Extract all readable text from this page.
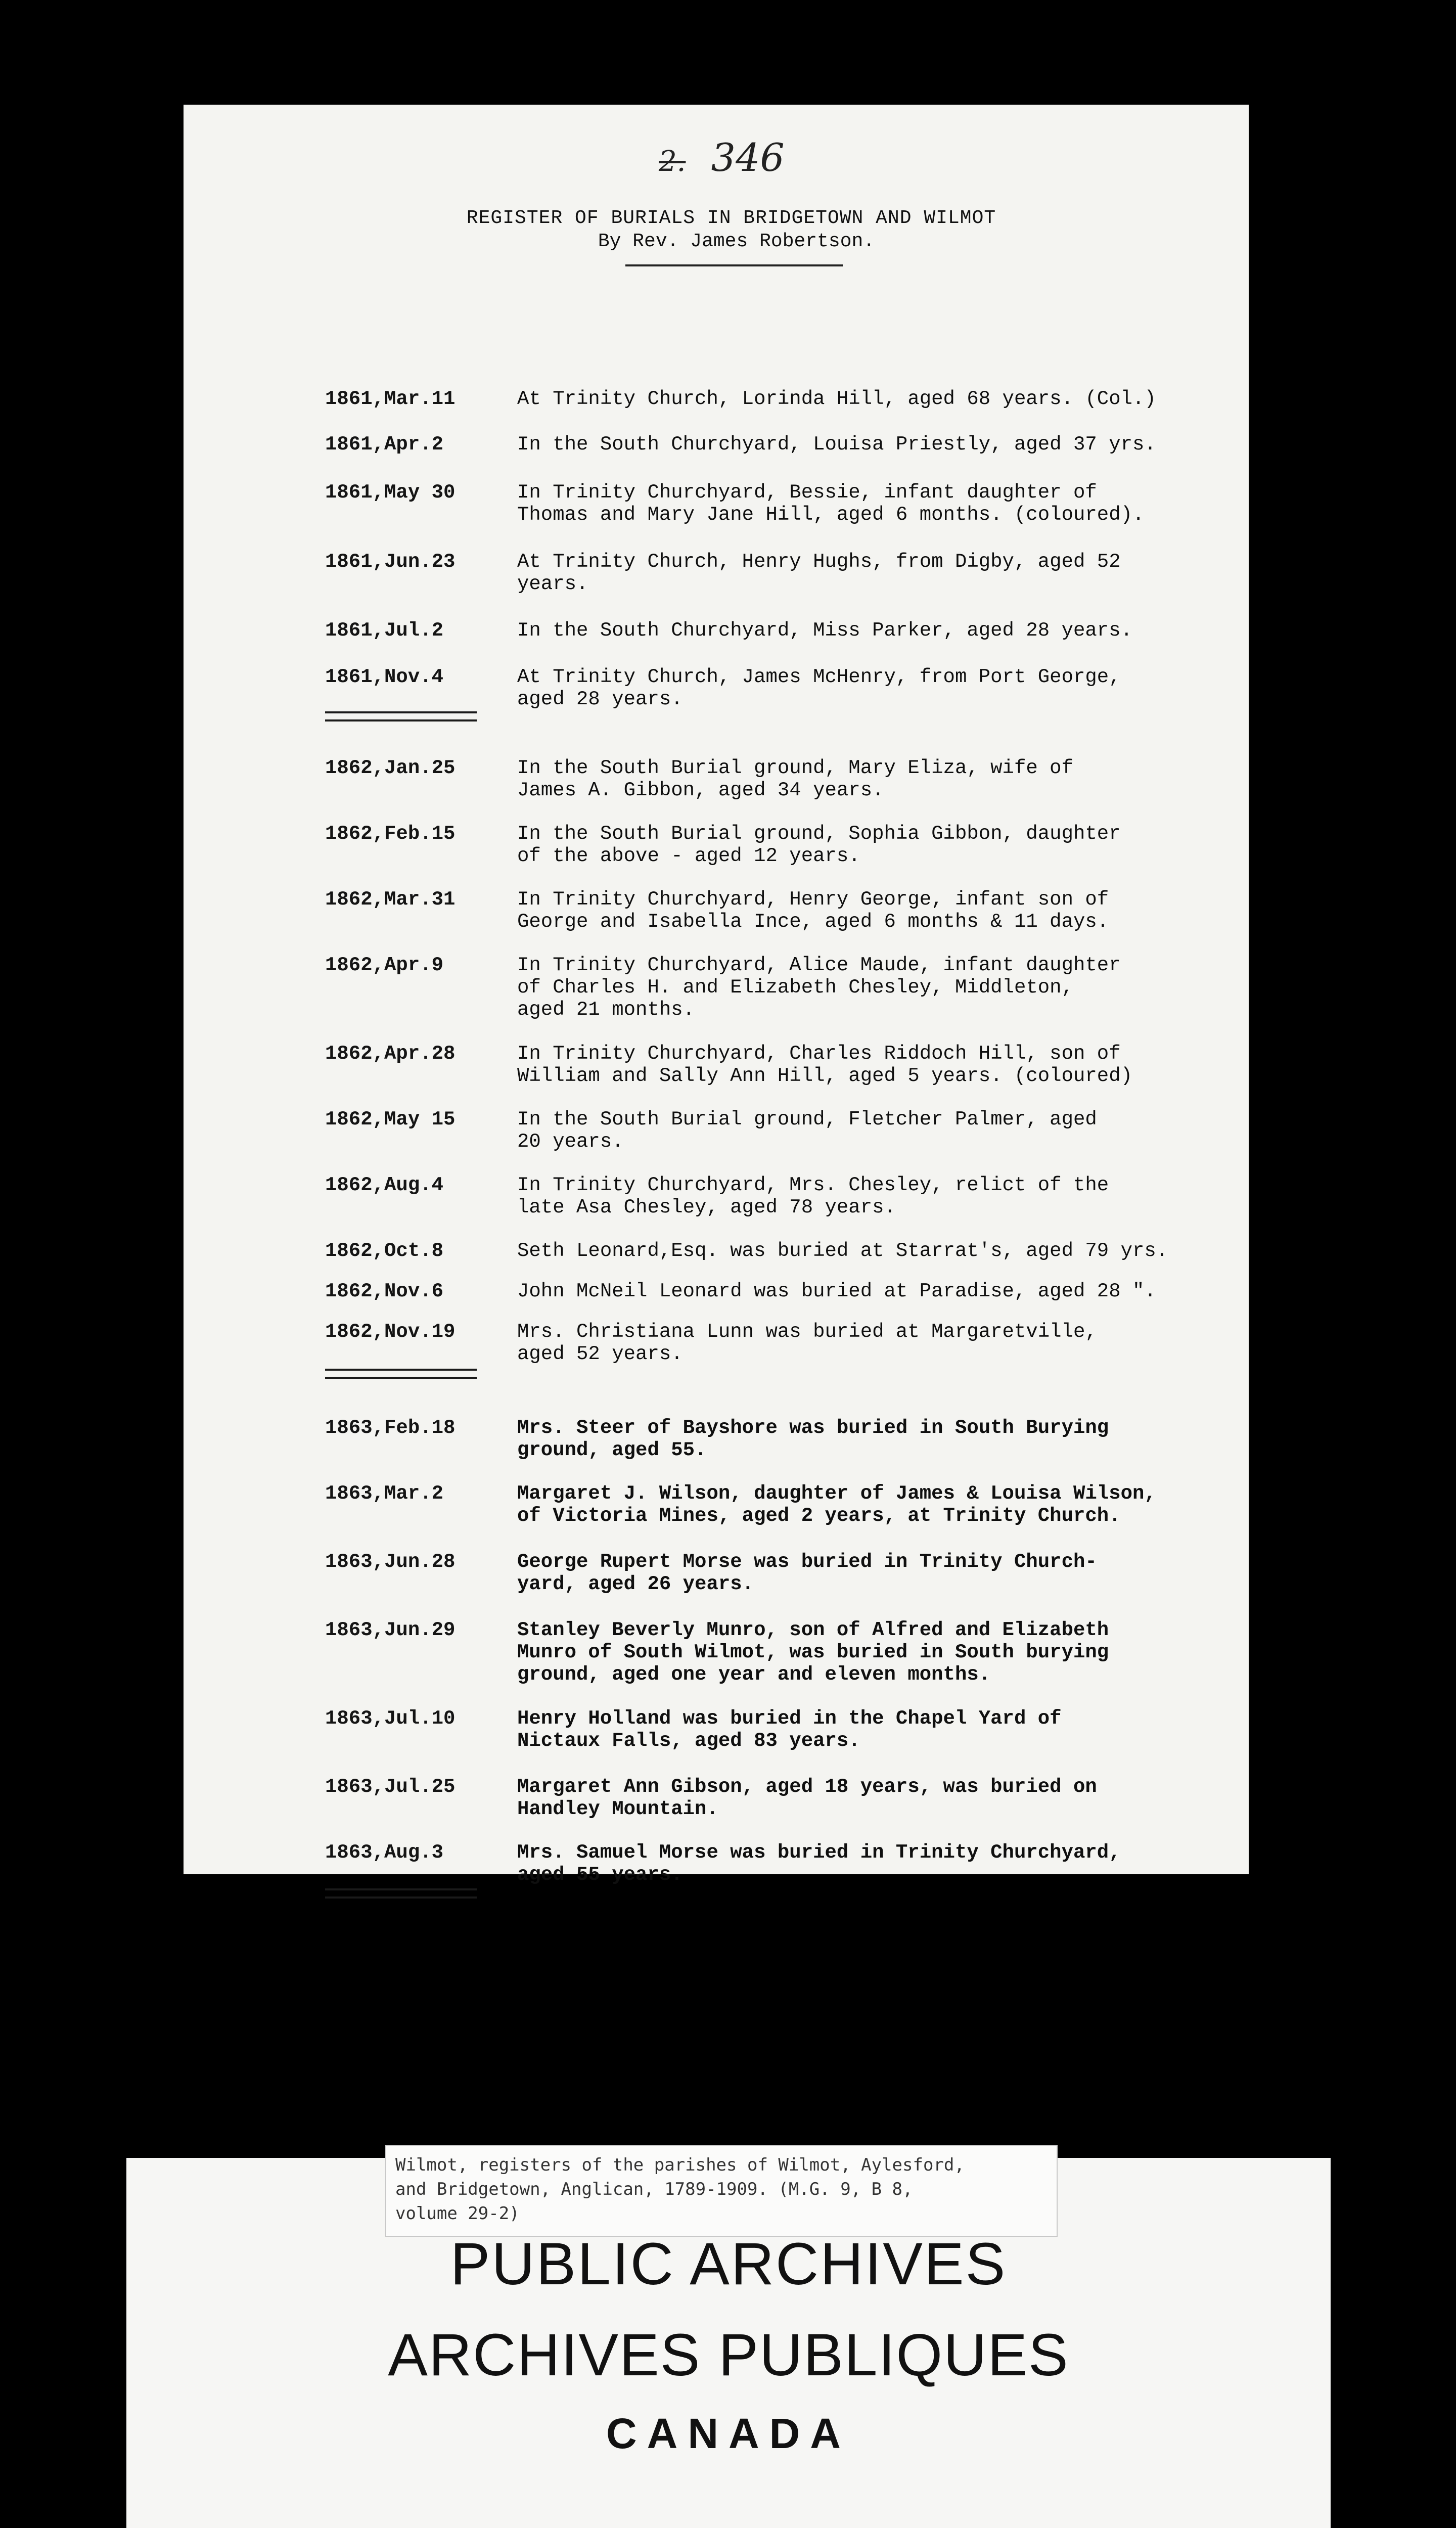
2. 346
REGISTER OF BURIALS IN BRIDGETOWN AND WILMOT
By Rev. James Robertson.
1861,Mar.11	At Trinity Church, Lorinda Hill, aged 68 years. (Col.)
1861,Apr.2	In the South Churchyard, Louisa Priestly, aged 37 yrs.
1861,May 30	In Trinity Churchyard, Bessie, infant daughter of
Thomas and Mary Jane Hill, aged 6 months. (coloured).
1861,Jun.23	At Trinity Church, Henry Hughs, from Digby, aged 52
years.
1861,Jul.2	In the South Churchyard, Miss Parker, aged 28 years.
1861,Nov.4	At Trinity Church, James McHenry, from Port George,
aged 28 years.
1862,Jan.25	In the South Burial ground, Mary Eliza, wife of
James A. Gibbon, aged 34 years.
1862,Feb.15	In the South Burial ground, Sophia Gibbon, daughter
of the above - aged 12 years.
1862,Mar.31	In Trinity Churchyard, Henry George, infant son of
George and Isabella Ince, aged 6 months & 11 days.
1862,Apr.9	In Trinity Churchyard, Alice Maude, infant daughter
of Charles H. and Elizabeth Chesley, Middleton,
aged 21 months.
1862,Apr.28	In Trinity Churchyard, Charles Riddoch Hill, son of
William and Sally Ann Hill, aged 5 years. (coloured)
1862,May 15	In the South Burial ground, Fletcher Palmer, aged
20 years.
1862,Aug.4	In Trinity Churchyard, Mrs. Chesley, relict of the
late Asa Chesley, aged 78 years.
1862,Oct.8	Seth Leonard,Esq. was buried at Starrat's, aged 79 yrs.
1862,Nov.6	John McNeil Leonard was buried at Paradise, aged 28 ".
1862,Nov.19	Mrs. Christiana Lunn was buried at Margaretville,
aged 52 years.
1863,Feb.18	Mrs. Steer of Bayshore was buried in South Burying
ground, aged 55.
1863,Mar.2	Margaret J. Wilson, daughter of James & Louisa Wilson,
of Victoria Mines, aged 2 years, at Trinity Church.
1863,Jun.28	George Rupert Morse was buried in Trinity Church-
yard, aged 26 years.
1863,Jun.29	Stanley Beverly Munro, son of Alfred and Elizabeth
Munro of South Wilmot, was buried in South burying
ground, aged one year and eleven months.
1863,Jul.10	Henry Holland was buried in the Chapel Yard of
Nictaux Falls, aged 83 years.
1863,Jul.25	Margaret Ann Gibson, aged 18 years, was buried on
Handley Mountain.
1863,Aug.3	Mrs. Samuel Morse was buried in Trinity Churchyard,
aged 55 years.
Wilmot, registers of the parishes of Wilmot, Aylesford,
and Bridgetown, Anglican, 1789-1909. (M.G. 9, B 8,
volume 29-2)
PUBLIC ARCHIVES
ARCHIVES PUBLIQUES
CANADA
